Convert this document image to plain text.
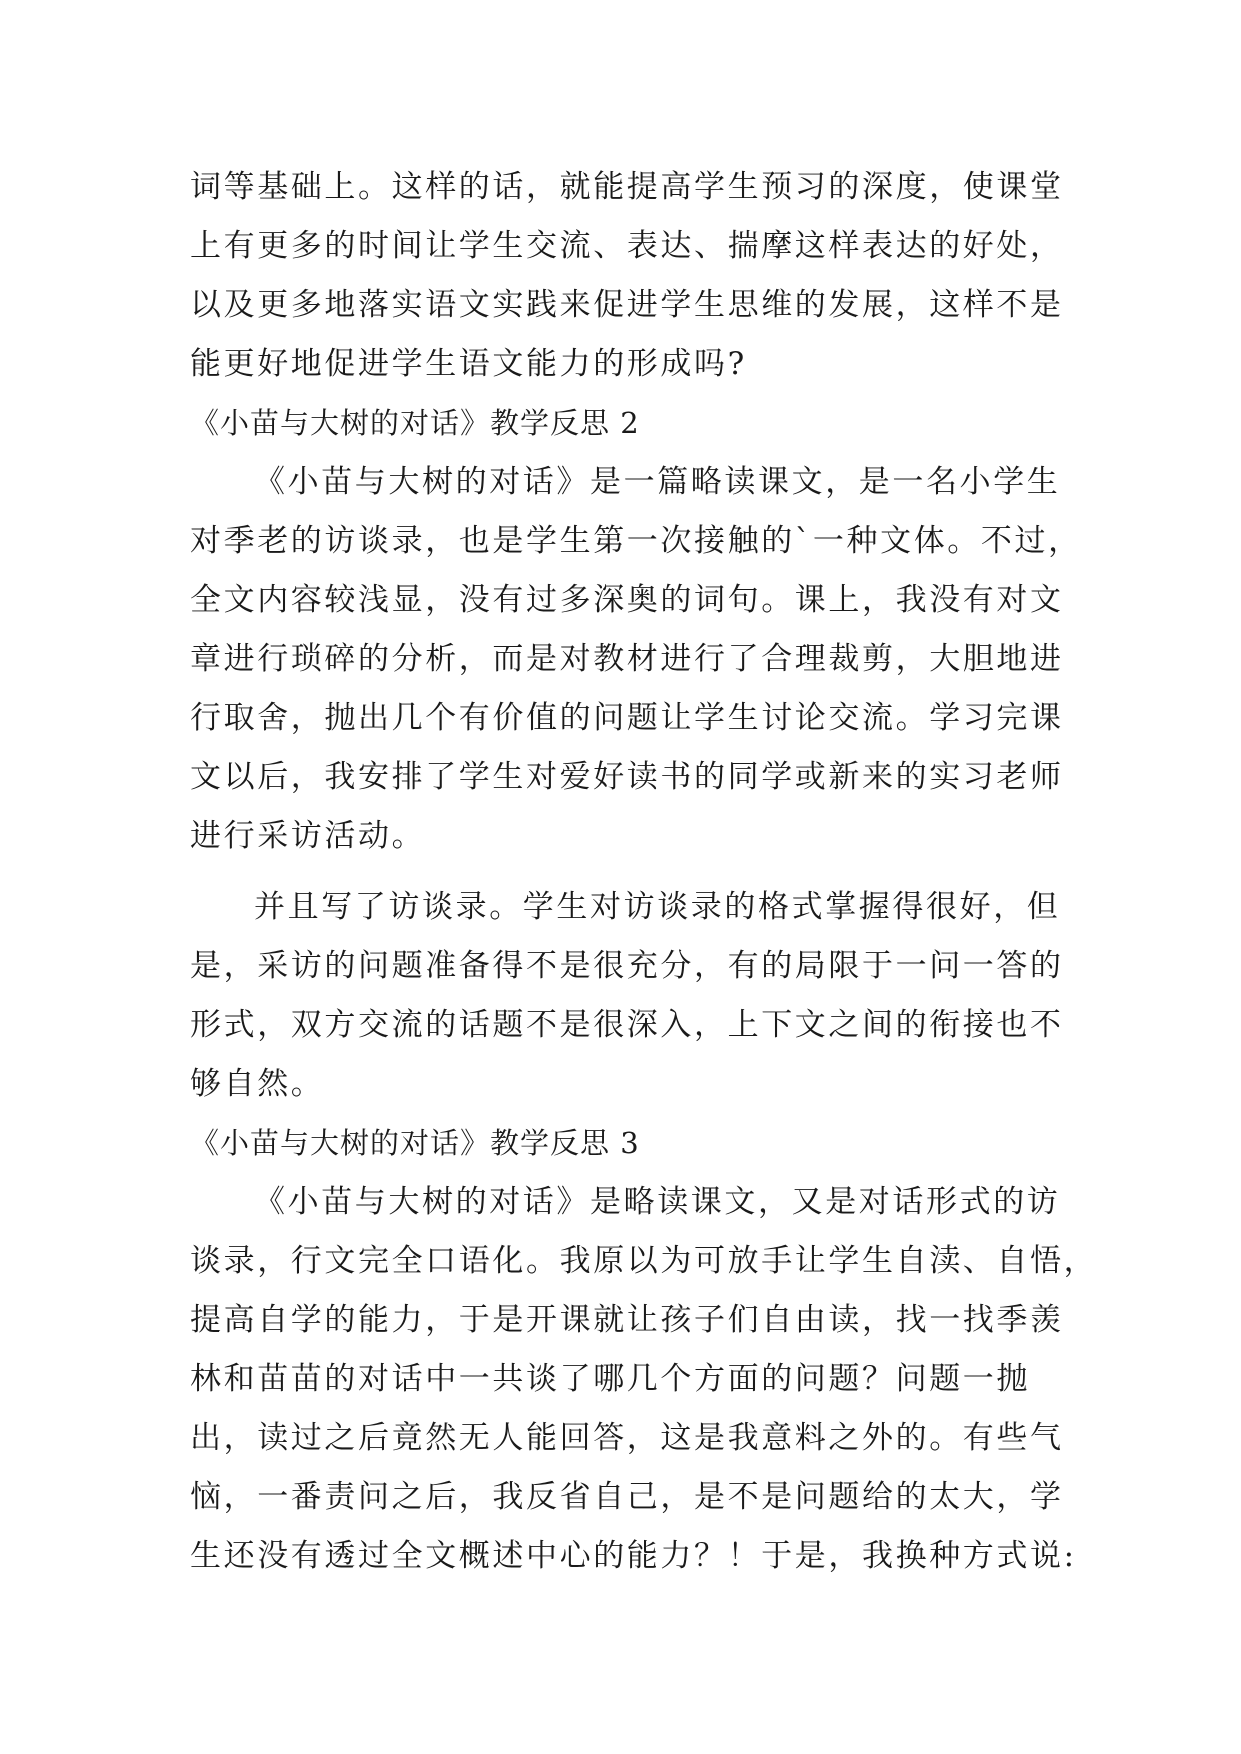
词等基础上。这样的话，就能提高学生预习的深度，使课堂
上有更多的时间让学生交流、表达、揣摩这样表达的好处，
以及更多地落实语文实践来促进学生思维的发展，这样不是
能更好地促进学生语文能力的形成吗?
《小苗与大树的对话》教学反思 2
《小苗与大树的对话》是一篇略读课文，是一名小学生
对季老的访谈录，也是学生第一次接触的`一种文体。不过，
全文内容较浅显，没有过多深奥的词句。课上，我没有对文
章进行琐碎的分析，而是对教材进行了合理裁剪，大胆地进
行取舍，抛出几个有价值的问题让学生讨论交流。学习完课
文以后，我安排了学生对爱好读书的同学或新来的实习老师
进行采访活动。
并且写了访谈录。学生对访谈录的格式掌握得很好，但
是，采访的问题准备得不是很充分，有的局限于一问一答的
形式，双方交流的话题不是很深入，上下文之间的衔接也不
够自然。
《小苗与大树的对话》教学反思 3
《小苗与大树的对话》是略读课文，又是对话形式的访
谈录，行文完全口语化。我原以为可放手让学生自渎、自悟，
提高自学的能力，于是开课就让孩子们自由读，找一找季羡
林和苗苗的对话中一共谈了哪几个方面的问题？问题一抛
出，读过之后竟然无人能回答，这是我意料之外的。有些气
恼，一番责问之后，我反省自己，是不是问题给的太大，学
生还没有透过全文概述中心的能力？！于是，我换种方式说:
